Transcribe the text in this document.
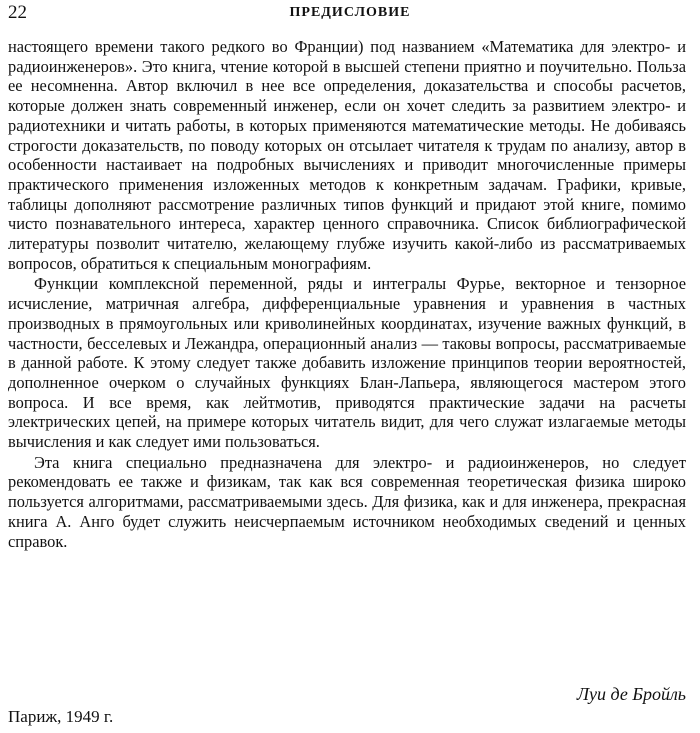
22	ПРЕДИСЛОВИЕ

настоящего времени такого редкого во Франции) под названием «Математика для электро- и радиоинженеров». Это книга, чтение которой в высшей степени приятно и поучительно. Польза ее несомненна. Автор включил в нее все определения, доказательства и способы расчетов, которые должен знать современный инженер, если он хочет следить за развитием электро- и радиотехники и читать работы, в которых применяются математические методы. Не добиваясь строгости доказательств, по поводу которых он отсылает читателя к трудам по анализу, автор в особенности настаивает на подробных вычислениях и приводит многочисленные примеры практического применения изложенных методов к конкретным задачам. Графики, кривые, таблицы дополняют рассмотрение различных типов функций и придают этой книге, помимо чисто познавательного интереса, характер ценного справочника. Список библиографической литературы позволит читателю, желающему глубже изучить какой-либо из рассматриваемых вопросов, обратиться к специальным монографиям.

Функции комплексной переменной, ряды и интегралы Фурье, векторное и тензорное исчисление, матричная алгебра, дифференциальные уравнения и уравнения в частных производных в прямоугольных или криволинейных координатах, изучение важных функций, в частности, бесселевых и Лежандра, операционный анализ — таковы вопросы, рассматриваемые в данной работе. К этому следует также добавить изложение принципов теории вероятностей, дополненное очерком о случайных функциях Блан-Лапьера, являющегося мастером этого вопроса. И все время, как лейтмотив, приводятся практические задачи на расчеты электрических цепей, на примере которых читатель видит, для чего служат излагаемые методы вычисления и как следует ими пользоваться.

Эта книга специально предназначена для электро- и радиоинженеров, но следует рекомендовать ее также и физикам, так как вся современная теоретическая физика широко пользуется алгоритмами, рассматриваемыми здесь. Для физика, как и для инженера, прекрасная книга А. Анго будет служить неисчерпаемым источником необходимых сведений и ценных справок.

Луи де Бройль
Париж, 1949 г.
